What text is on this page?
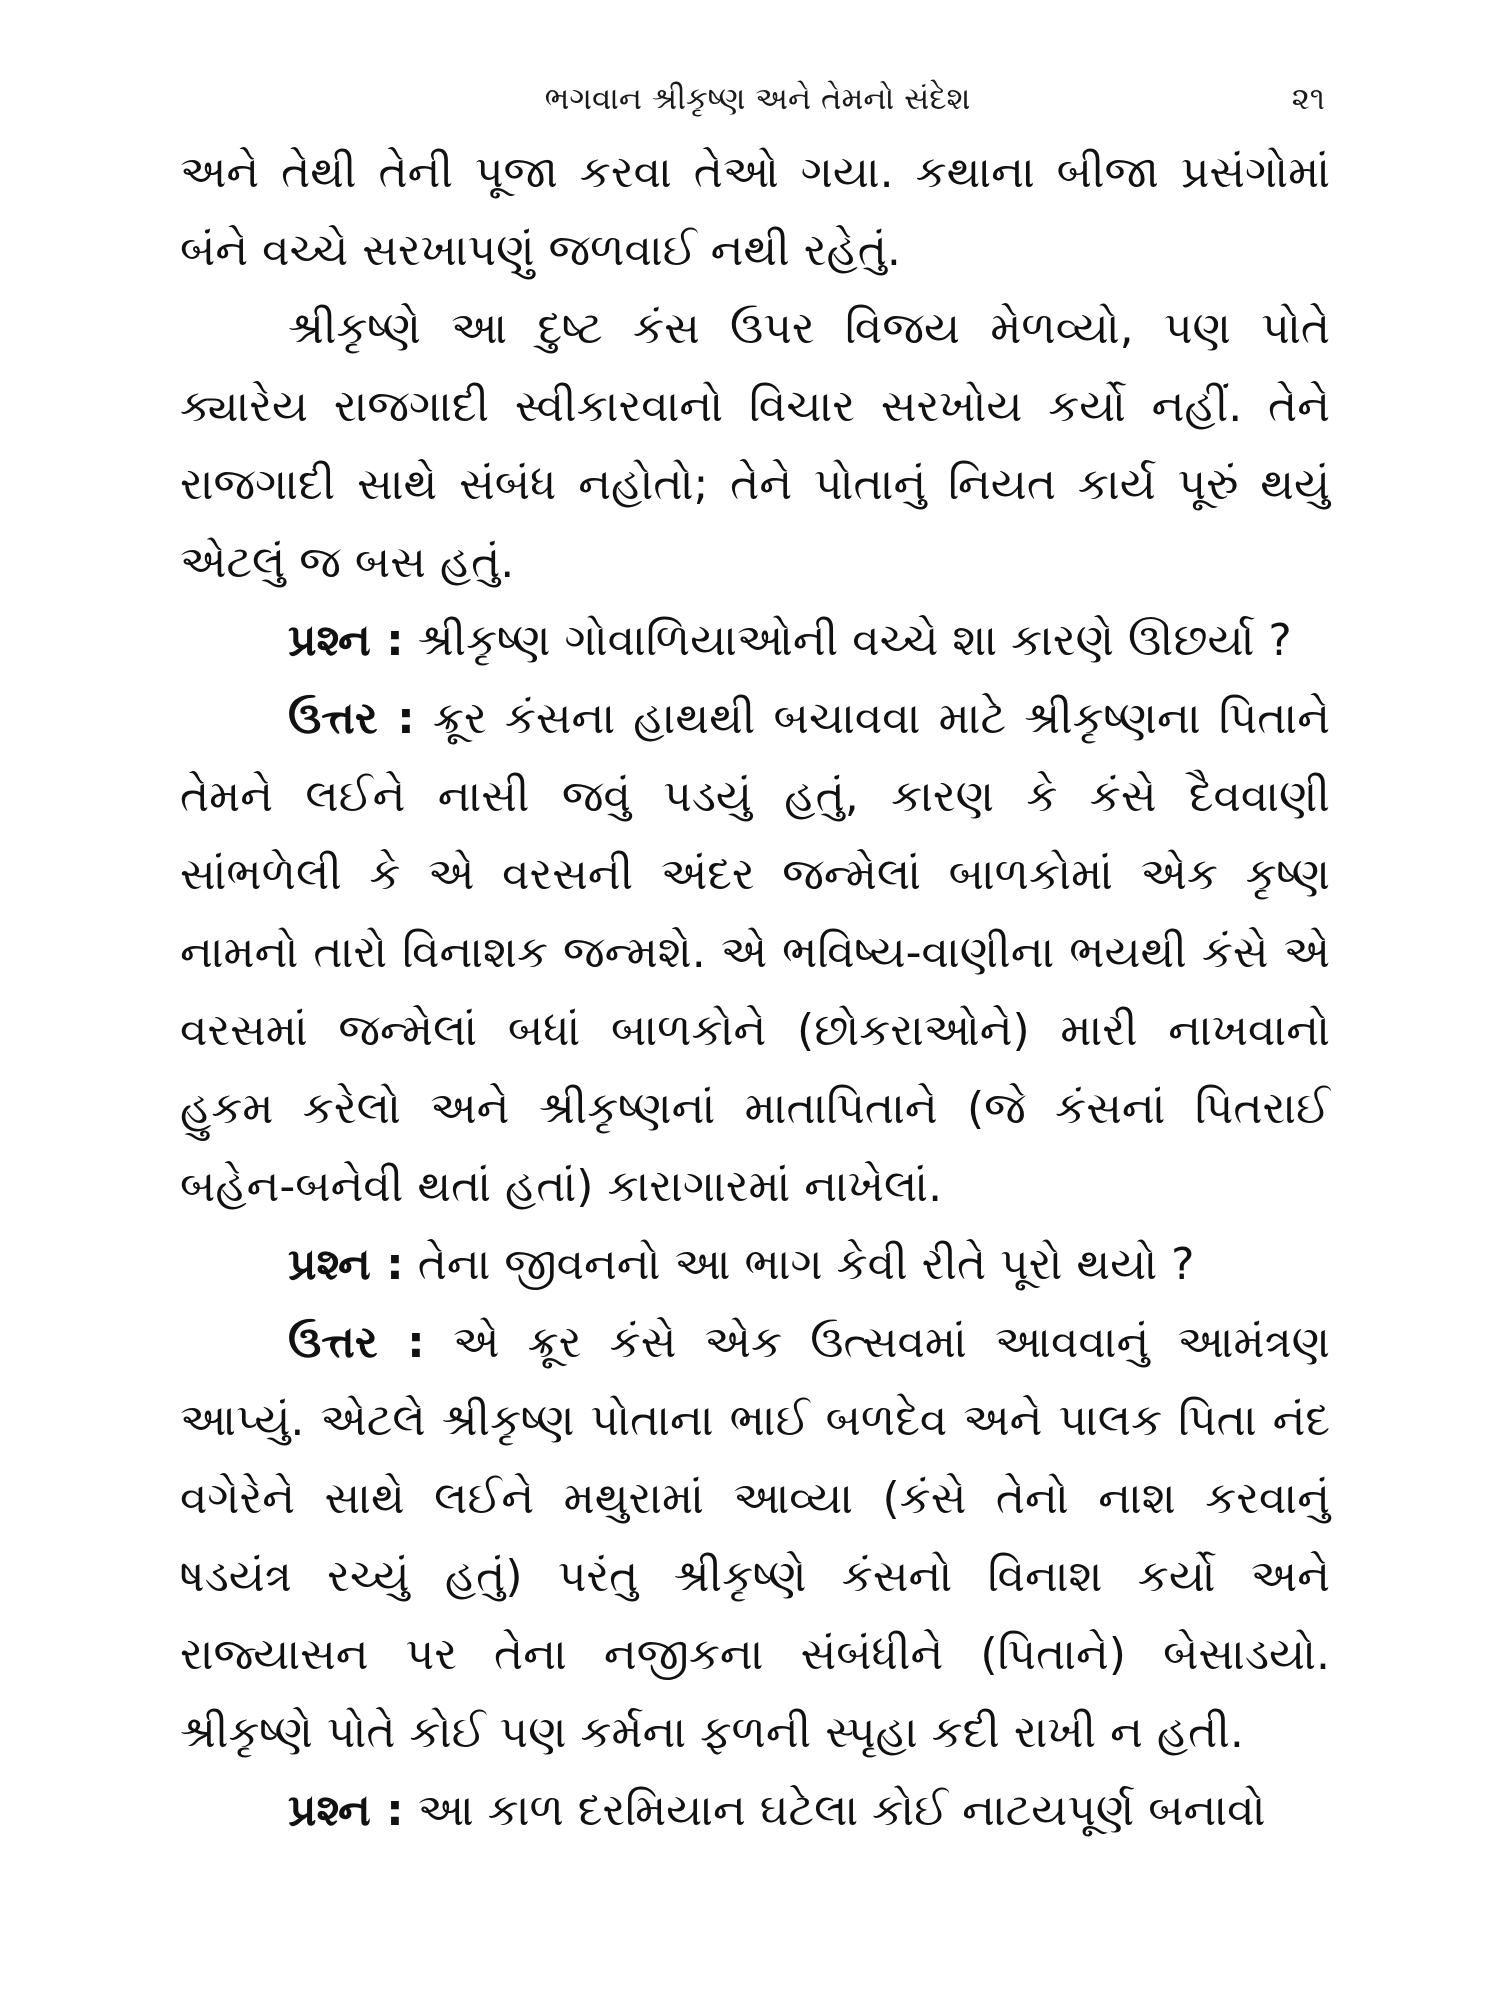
ભગવાન શ્રીકૃષ્ણ અને તેમનો સંદેશ	૨૧

અને તેથી તેની પૂજા કરવા તેઓ ગયા. કથાના બીજા પ્રસંગોમાં બંને વચ્ચે સરખાપણું જળવાઈ નથી રહેતું.

શ્રીકૃષ્ણે આ દુષ્ટ કંસ ઉપર વિજય મેળવ્યો, પણ પોતે ક્યારેય રાજગાદી સ્વીકારવાનો વિચાર સરખોય કર્યો નહીં. તેને રાજગાદી સાથે સંબંધ નહોતો; તેને પોતાનું નિયત કાર્ય પૂરું થયું એટલું જ બસ હતું.

પ્રશ્ન : શ્રીકૃષ્ણ ગોવાળિયાઓની વચ્ચે શા કારણે ઊછર્યા ?

ઉત્તર : ક્રૂર કંસના હાથથી બચાવવા માટે શ્રીકૃષ્ણના પિતાને તેમને લઈને નાસી જવું પડયું હતું, કારણ કે કંસે દૈવવાણી સાંભળેલી કે એ વરસની અંદર જન્મેલાં બાળકોમાં એક કૃષ્ણ નામનો તારો વિનાશક જન્મશે. એ ભવિષ્ય-વાણીના ભયથી કંસે એ વરસમાં જન્મેલાં બધાં બાળકોને (છોકરાઓને) મારી નાખવાનો હુકમ કરેલો અને શ્રીકૃષ્ણનાં માતાપિતાને (જે કંસનાં પિતરાઈ બહેન-બનેવી થતાં હતાં) કારાગારમાં નાખેલાં.

પ્રશ્ન : તેના જીવનનો આ ભાગ કેવી રીતે પૂરો થયો ?

ઉત્તર : એ ક્રૂર કંસે એક ઉત્સવમાં આવવાનું આમંત્રણ આપ્યું. એટલે શ્રીકૃષ્ણ પોતાના ભાઈ બળદેવ અને પાલક પિતા નંદ વગેરેને સાથે લઈને મથુરામાં આવ્યા (કંસે તેનો નાશ કરવાનું ષડયંત્ર રચ્યું હતું) પરંતુ શ્રીકૃષ્ણે કંસનો વિનાશ કર્યો અને રાજ્યાસન પર તેના નજીકના સંબંધીને (પિતાને) બેસાડયો. શ્રીકૃષ્ણે પોતે કોઈ પણ કર્મના ફળની સ્પૃહા કદી રાખી ન હતી.

પ્રશ્ન : આ કાળ દરમિયાન ઘટેલા કોઈ નાટયપૂર્ણ બનાવો
